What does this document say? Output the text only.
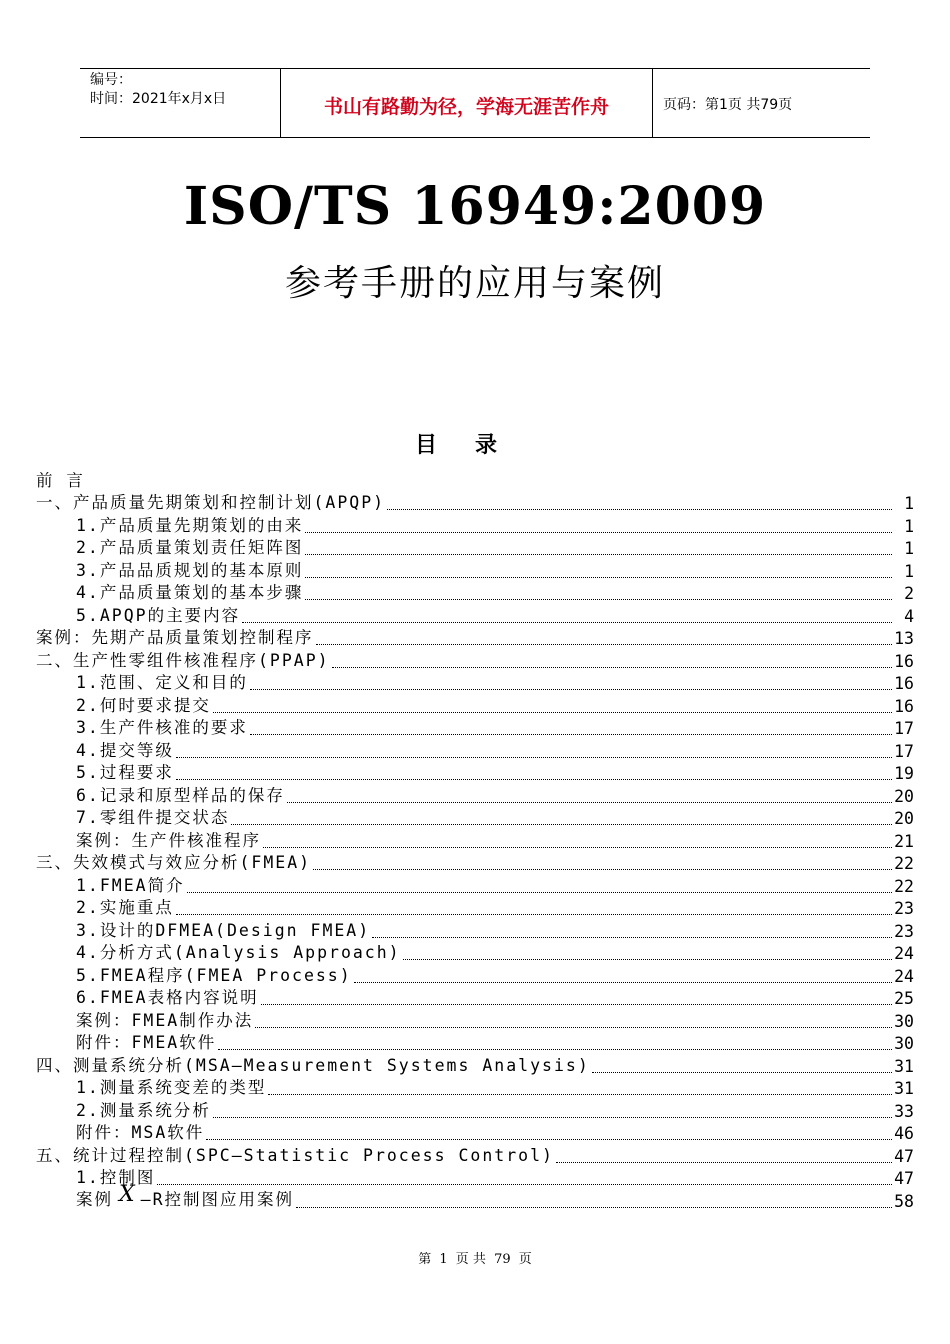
编号：
时间：2021年x月x日	书山有路勤为径，学海无涯苦作舟	页码：第1页 共79页
ISO/TS 16949:2009
参考手册的应用与案例
目录
前 言
一、产品质量先期策划和控制计划(APQP)	1
1.产品质量先期策划的由来	1
2.产品质量策划责任矩阵图	1
3.产品品质规划的基本原则	1
4.产品质量策划的基本步骤	2
5.APQP的主要内容	4
案例：先期产品质量策划控制程序	13
二、生产性零组件核准程序(PPAP)	16
1.范围、定义和目的	16
2.何时要求提交	16
3.生产件核准的要求	17
4.提交等级	17
5.过程要求	19
6.记录和原型样品的保存	20
7.零组件提交状态	20
案例：生产件核准程序	21
三、失效模式与效应分析(FMEA)	22
1.FMEA简介	22
2.实施重点	23
3.设计的DFMEA(Design FMEA)	23
4.分析方式(Analysis Approach)	24
5.FMEA程序(FMEA Process)	24
6.FMEA表格内容说明	25
案例：FMEA制作办法	30
附件：FMEA软件	30
四、测量系统分析(MSA—Measurement Systems Analysis)	31
1.测量系统变差的类型	31
2.测量系统分析	33
附件：MSA软件	46
五、统计过程控制(SPC—Statistic Process Control)	47
1.控制图	47
案例 X —R控制图应用案例	58
第 1 页 共 79 页
